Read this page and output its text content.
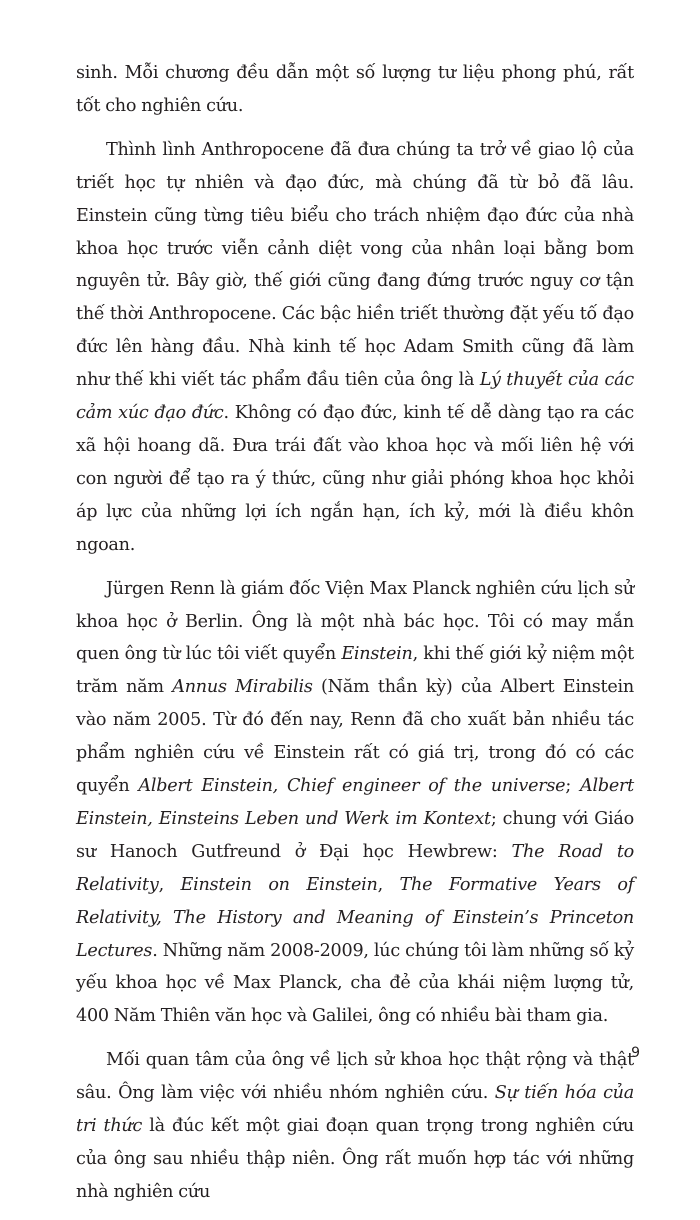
sinh. Mỗi chương đều dẫn một số lượng tư liệu phong phú, rất tốt cho nghiên cứu.

Thình lình Anthropocene đã đưa chúng ta trở về giao lộ của triết học tự nhiên và đạo đức, mà chúng đã từ bỏ đã lâu. Einstein cũng từng tiêu biểu cho trách nhiệm đạo đức của nhà khoa học trước viễn cảnh diệt vong của nhân loại bằng bom nguyên tử. Bây giờ, thế giới cũng đang đứng trước nguy cơ tận thế thời Anthropocene. Các bậc hiền triết thường đặt yếu tố đạo đức lên hàng đầu. Nhà kinh tế học Adam Smith cũng đã làm như thế khi viết tác phẩm đầu tiên của ông là Lý thuyết của các cảm xúc đạo đức. Không có đạo đức, kinh tế dễ dàng tạo ra các xã hội hoang dã. Đưa trái đất vào khoa học và mối liên hệ với con người để tạo ra ý thức, cũng như giải phóng khoa học khỏi áp lực của những lợi ích ngắn hạn, ích kỷ, mới là điều khôn ngoan.

Jürgen Renn là giám đốc Viện Max Planck nghiên cứu lịch sử khoa học ở Berlin. Ông là một nhà bác học. Tôi có may mắn quen ông từ lúc tôi viết quyển Einstein, khi thế giới kỷ niệm một trăm năm Annus Mirabilis (Năm thần kỳ) của Albert Einstein vào năm 2005. Từ đó đến nay, Renn đã cho xuất bản nhiều tác phẩm nghiên cứu về Einstein rất có giá trị, trong đó có các quyển Albert Einstein, Chief engineer of the universe; Albert Einstein, Einsteins Leben und Werk im Kontext; chung với Giáo sư Hanoch Gutfreund ở Đại học Hewbrew: The Road to Relativity, Einstein on Einstein, The Formative Years of Relativity, The History and Meaning of Einstein’s Princeton Lectures. Những năm 2008-2009, lúc chúng tôi làm những số kỷ yếu khoa học về Max Planck, cha đẻ của khái niệm lượng tử, 400 Năm Thiên văn học và Galilei, ông có nhiều bài tham gia.

Mối quan tâm của ông về lịch sử khoa học thật rộng và thật sâu. Ông làm việc với nhiều nhóm nghiên cứu. Sự tiến hóa của tri thức là đúc kết một giai đoạn quan trọng trong nghiên cứu của ông sau nhiều thập niên. Ông rất muốn hợp tác với những nhà nghiên cứu

9
